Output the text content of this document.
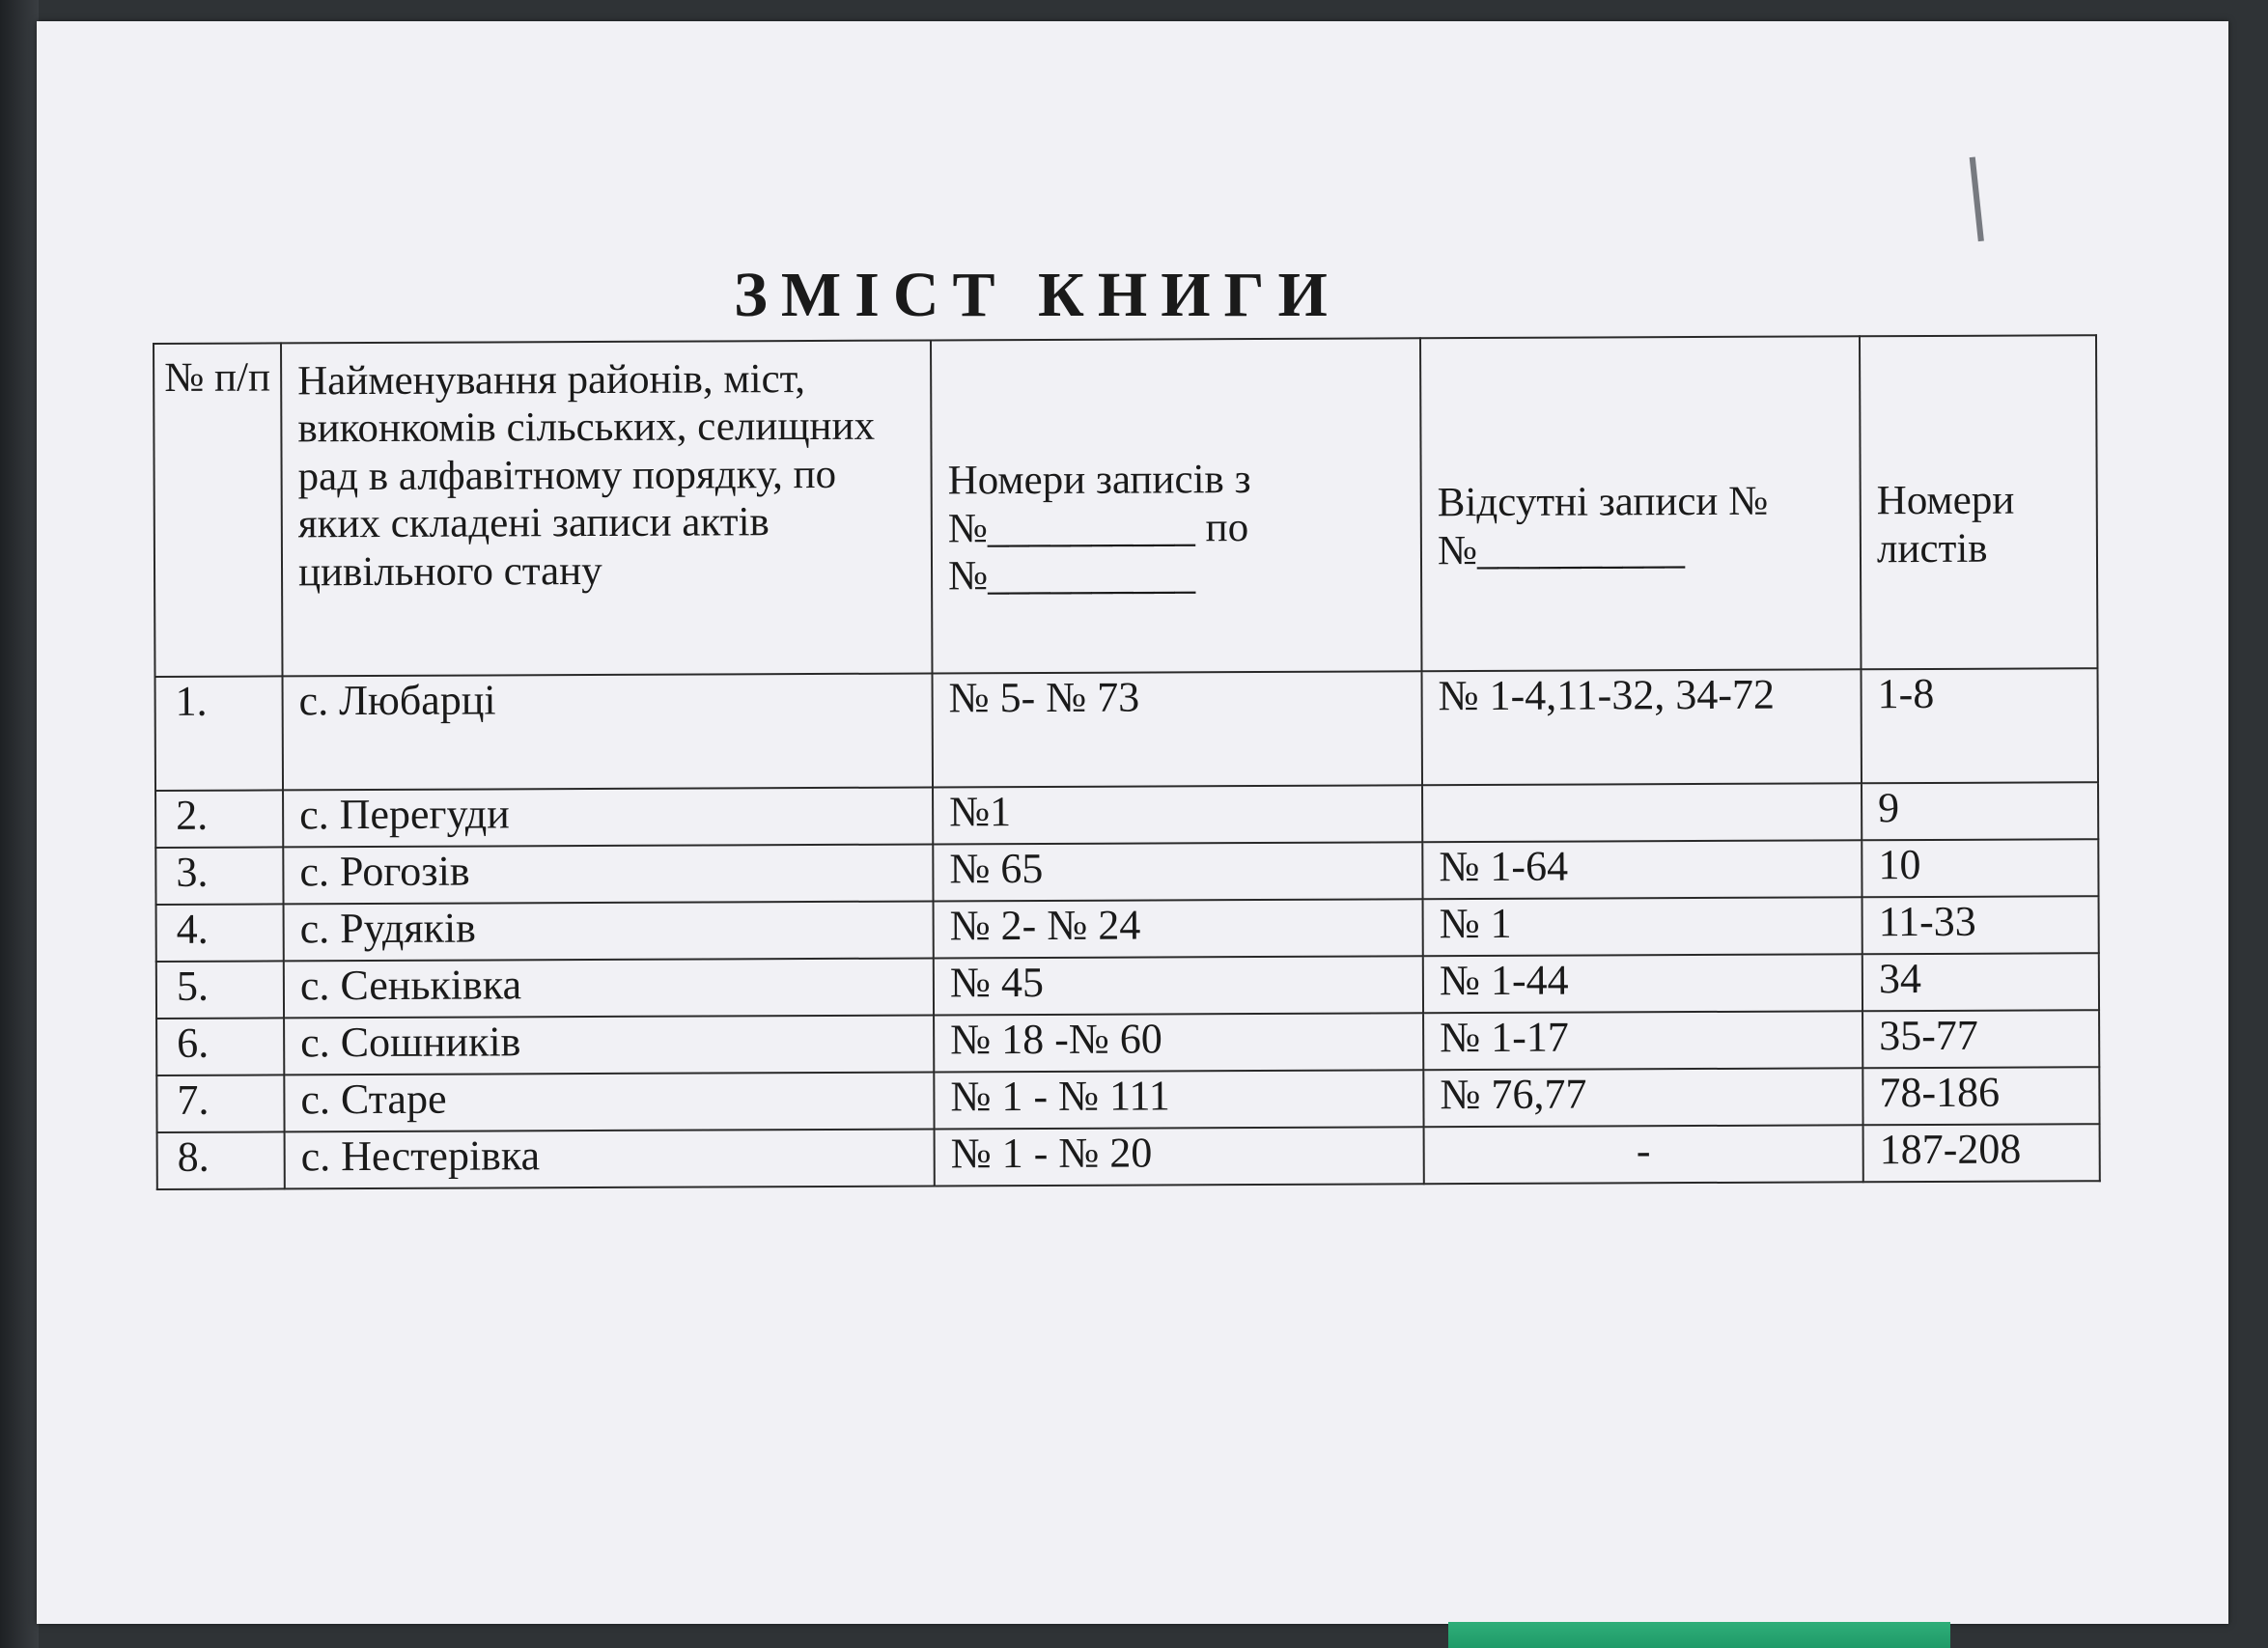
I
ЗМІСТ КНИГИ
№ п/п	Найменування районів, міст, виконкомів сільських, селищних рад в алфавітному порядку, по яких складені записи актів цивільного стану	Номери записів з №__________ по №__________	Відсутні записи №№__________	Номери листів
1.	с. Любарці	№ 5- № 73	№ 1-4,11-32, 34-72	1-8
2.	с. Перегуди	№1		9
3.	с. Рогозів	№ 65	№ 1-64	10
4.	с. Рудяків	№ 2- № 24	№ 1	11-33
5.	с. Сеньківка	№ 45	№ 1-44	34
6.	с. Сошників	№ 18 -№ 60	№ 1-17	35-77
7.	с. Старе	№ 1 - № 111	№ 76,77	78-186
8.	с. Нестерівка	№ 1 - № 20	-	187-208
